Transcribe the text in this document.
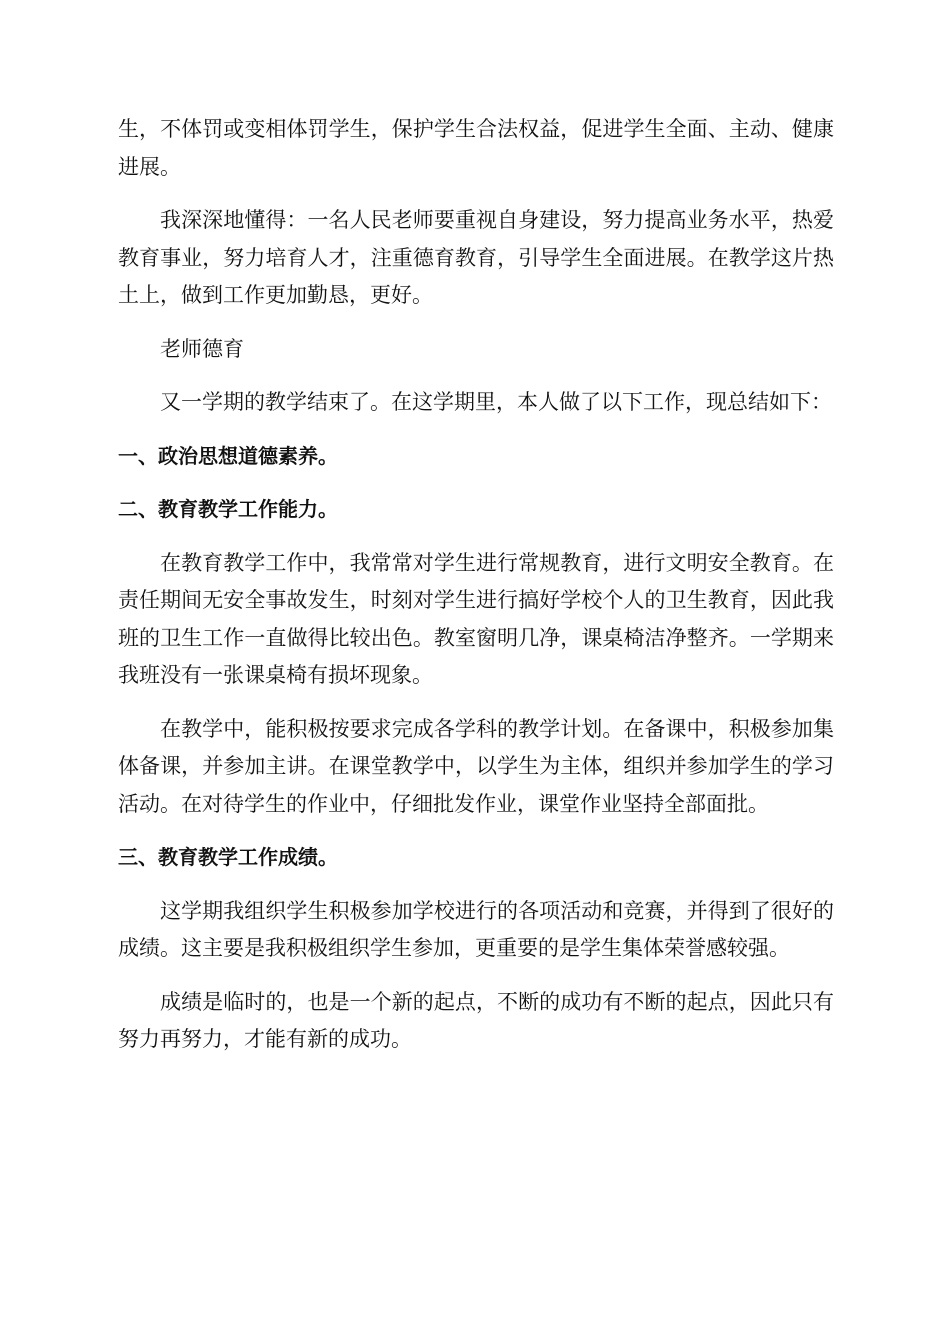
生，不体罚或变相体罚学生，保护学生合法权益，促进学生全面、主动、健康进展。

我深深地懂得：一名人民老师要重视自身建设，努力提高业务水平，热爱教育事业，努力培育人才，注重德育教育，引导学生全面进展。在教学这片热土上，做到工作更加勤恳，更好。

老师德育

又一学期的教学结束了。在这学期里，本人做了以下工作，现总结如下：

一、政治思想道德素养。

二、教育教学工作能力。

在教育教学工作中，我常常对学生进行常规教育，进行文明安全教育。在责任期间无安全事故发生，时刻对学生进行搞好学校个人的卫生教育，因此我班的卫生工作一直做得比较出色。教室窗明几净，课桌椅洁净整齐。一学期来我班没有一张课桌椅有损坏现象。

在教学中，能积极按要求完成各学科的教学计划。在备课中，积极参加集体备课，并参加主讲。在课堂教学中，以学生为主体，组织并参加学生的学习活动。在对待学生的作业中，仔细批发作业，课堂作业坚持全部面批。

三、教育教学工作成绩。

这学期我组织学生积极参加学校进行的各项活动和竞赛，并得到了很好的成绩。这主要是我积极组织学生参加，更重要的是学生集体荣誉感较强。

成绩是临时的，也是一个新的起点，不断的成功有不断的起点，因此只有努力再努力，才能有新的成功。
